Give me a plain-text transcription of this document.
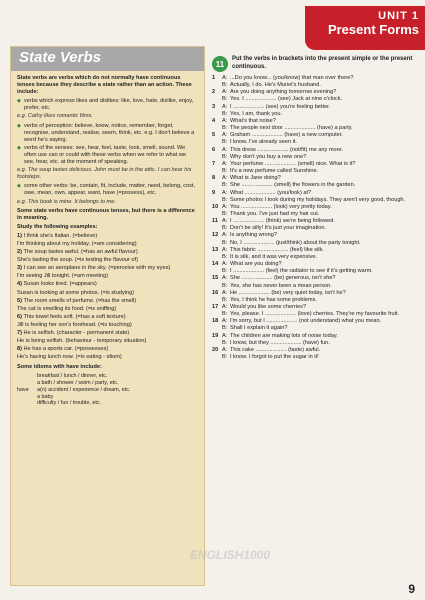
UNIT 1
Present Forms
State Verbs

State verbs are verbs which do not normally have continuous tenses because they describe a state rather than an action. These include:

◆ verbs which express likes and dislikes: like, love, hate, dislike, enjoy, prefer, etc.

e.g. Cathy likes romantic films.

◆ verbs of perception: believe, know, notice, remember, forget, recognise, understand, realise, seem, think, etc. e.g. I don't believe a word he's saying.
◆ verbs of the senses: see, hear, feel, taste, look, smell, sound. We often use can or could with these verbs when we refer to what we see, hear, etc. at the moment of speaking.

e.g. The soup tastes delicious. John must be in the attic. I can hear his footsteps.

◆ some other verbs: be, contain, fit, include, matter, need, belong, cost, owe, mean, own, appear, want, have (=possess), etc.

e.g. This book is mine. It belongs to me.

Some state verbs have continuous tenses, but there is a difference in meaning.

Study the following examples:

1) I think she's Italian. (=believe)
I'm thinking about my holiday. (=am considering)
2) The soup tastes awful. (=has an awful flavour)
She's tasting the soup. (=is testing the flavour of)
3) I can see an aeroplane in the sky. (=perceive with my eyes)
I'm seeing Jill tonight. (=am meeting)
4) Susan looks tired. (=appears)
Susan is looking at some photos. (=is studying)
5) The room smells of perfume. (=has the smell)
The cat is smelling its food. (=is sniffing)
6) This towel feels soft. (=has a soft texture)
Jill is feeling her son's forehead. (=is touching)
7) He is selfish. (character - permanent state)
He is being selfish. (behaviour - temporary situation)
8) He has a sports car. (=possesses)
He's having lunch now. (=is eating - idiom)

Some idioms with have include:

have
breakfast / lunch / dinner, etc.
a bath / shower / swim / party, etc.
a(n) accident / experience / dream, etc.
a baby
difficulty / fun / trouble, etc.
11
Put the verbs in brackets into the present simple or the present continuous.
1	A: ...Do you know... (you/know) that man over there?
B: Actually, I do. He's Muriel's husband.
2	A: Are you doing anything tomorrow evening?
B: Yes. I .................... (see) Jack at nine o'clock.
3	A: I .................... (see) you're feeling better.
B: Yes, I am, thank you.
4	A: What's that noise?
B: The people next door .................... (have) a party.
5	A: Graham .................... (have) a new computer.
B: I know. I've already seen it.
6	A: This dress .................... (not/fit) me any more.
B: Why don't you buy a new one?
7	A: Your perfume .................... (smell) nice. What is it?
B: It's a new perfume called Sunshine.
8	A: What is Jane doing?
B: She .................... (smell) the flowers in the garden.
9	A: What .................... (you/look) at?
B: Some photos I took during my holidays. They aren't very good, though.
10 A: You .................... (look) very pretty today.
B: Thank you. I've just had my hair cut.
11 A: I .................... (think) we're being followed.
B: Don't be silly! It's just your imagination.
12 A: Is anything wrong?
B: No, I .................... (just/think) about the party tonight.
13 A: This fabric .................... (feel) like silk.
B: It is silk, and it was very expensive.
14 A: What are you doing?
B: I .................... (feel) the radiator to see if it's getting warm.
15 A: She .................... (be) generous, isn't she?
B: Yes, she has never been a mean person.
16 A: He .................... (be) very quiet today, isn't he?
B: Yes, I think he has some problems.
17 A: Would you like some cherries?
B: Yes, please. I .................... (love) cherries. They're my favourite fruit.
18 A: I'm sorry, but I .................... (not understand) what you mean.
B: Shall I explain it again?
19 A: The children are making lots of noise today.
B: I know, but they .................... (have) fun.
20 A: This cake .................... (taste) awful.
B: I know. I forgot to put the sugar in it!
ENGLISH1000
9
